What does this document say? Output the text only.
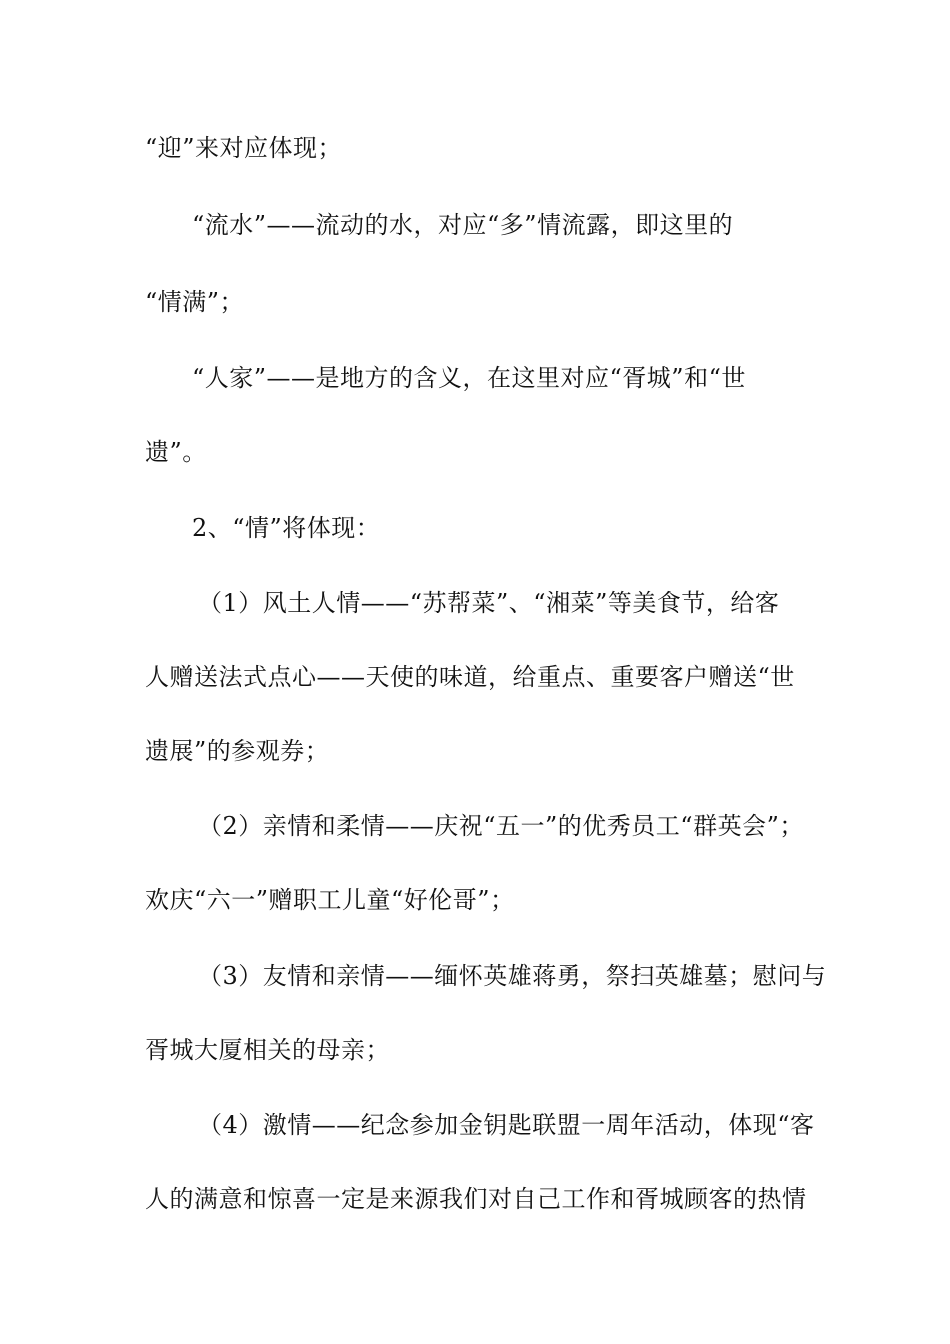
“迎”来对应体现；
“流水”——流动的水，对应“多”情流露，即这里的
“情满”；
“人家”——是地方的含义，在这里对应“胥城”和“世
遗”。
2、“情”将体现：
（1）风土人情——“苏帮菜”、“湘菜”等美食节，给客
人赠送法式点心——天使的味道，给重点、重要客户赠送“世
遗展”的参观券；
（2）亲情和柔情——庆祝“五一”的优秀员工“群英会”；
欢庆“六一”赠职工儿童“好伦哥”；
（3）友情和亲情——缅怀英雄蒋勇，祭扫英雄墓；慰问与
胥城大厦相关的母亲；
（4）激情——纪念参加金钥匙联盟一周年活动，体现“客
人的满意和惊喜一定是来源我们对自己工作和胥城顾客的热情
